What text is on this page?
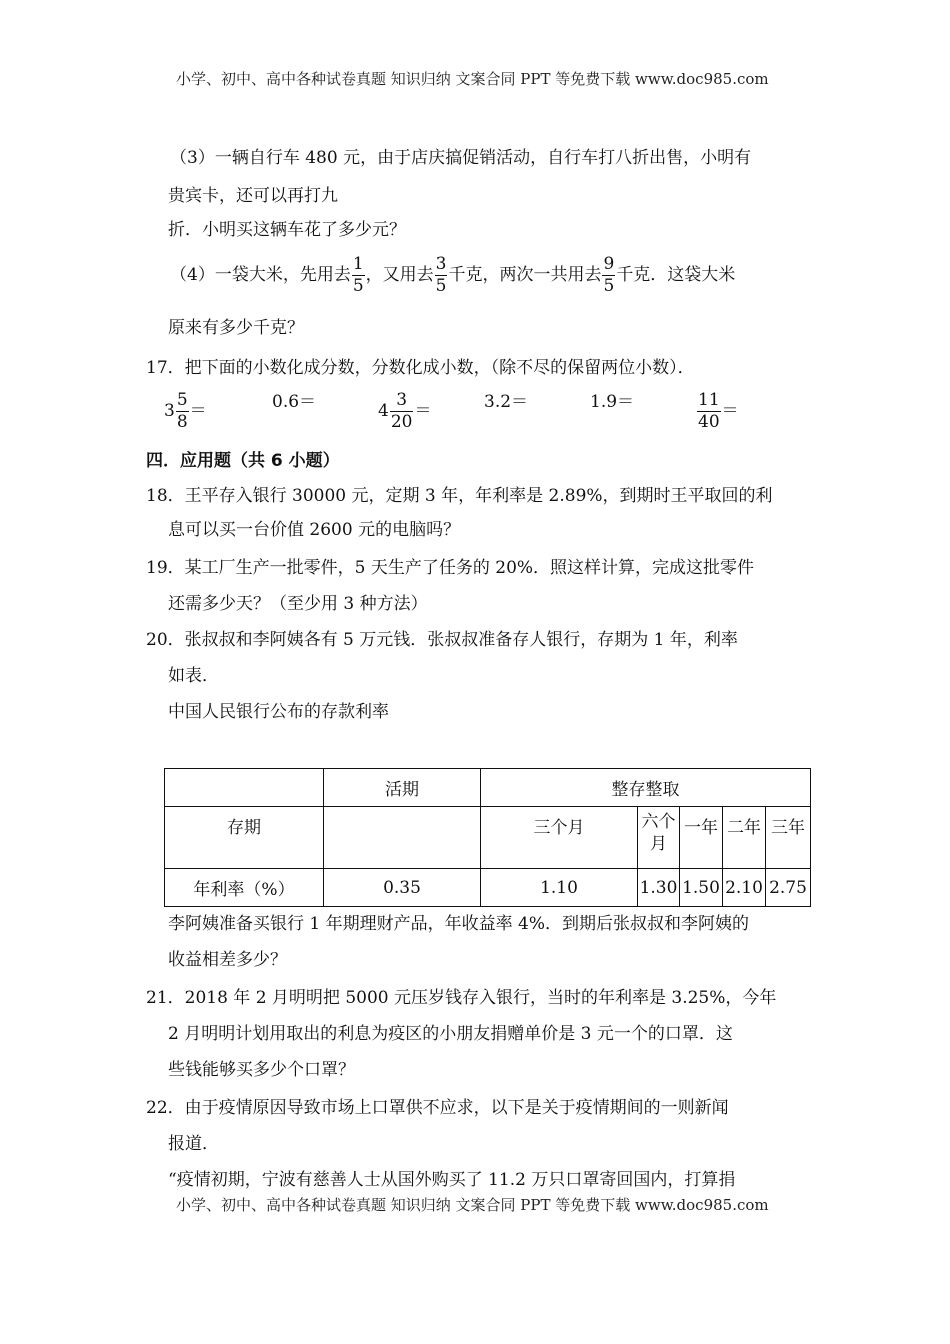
小学、初中、高中各种试卷真题 知识归纳 文案合同 PPT 等免费下载 www.doc985.com
（3）一辆自行车 480 元，由于店庆搞促销活动，自行车打八折出售，小明有
贵宾卡，还可以再打九
折．小明买这辆车花了多少元？
（4）一袋大米，先用去 $\frac{1}{5}$ ，又用去 $\frac{3}{5}$ 千克，两次一共用去 $\frac{9}{5}$ 千克．这袋大米
原来有多少千克？
17．把下面的小数化成分数，分数化成小数，（除不尽的保留两位小数）．
$3 \frac{5}{8}$ ＝	0.6＝	$4 \frac{3}{20}$ ＝	3.2＝	1.9＝	$\frac{11}{40}$ ＝
四．应用题（共 6 小题）
18．王平存入银行 30000 元，定期 3 年，年利率是 2.89%，到期时王平取回的利
息可以买一台价值 2600 元的电脑吗？
19．某工厂生产一批零件，5 天生产了任务的 20%．照这样计算，完成这批零件
还需多少天？（至少用 3 种方法）
20．张叔叔和李阿姨各有 5 万元钱．张叔叔准备存人银行，存期为 1 年，利率
如表．
中国人民银行公布的存款利率
	活期	整存整取				
存期		三个月	六个月	一年	二年	三年
年利率（%）	0.35	1.10	1.30	1.50	2.10	2.75
李阿姨准备买银行 1 年期理财产品，年收益率 4%．到期后张叔叔和李阿姨的
收益相差多少？
21．2018 年 2 月明明把 5000 元压岁钱存入银行，当时的年利率是 3.25%，今年
2 月明明计划用取出的利息为疫区的小朋友捐赠单价是 3 元一个的口罩．这
些钱能够买多少个口罩？
22．由于疫情原因导致市场上口罩供不应求，以下是关于疫情期间的一则新闻
报道．
“疫情初期，宁波有慈善人士从国外购买了 11.2 万只口罩寄回国内，打算捐
小学、初中、高中各种试卷真题 知识归纳 文案合同 PPT 等免费下载 www.doc985.com
